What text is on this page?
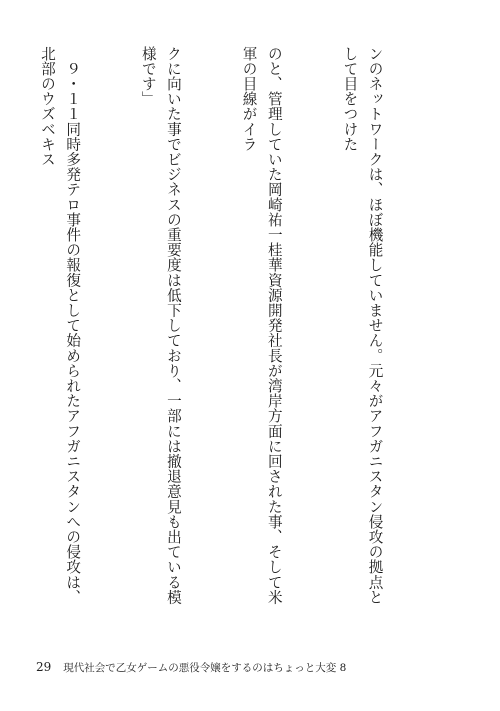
ンのネットワークは、ほぼ機能していません。元々がアフガニスタン侵攻の拠点として目をつけた

のと、管理していた岡崎祐一桂華資源開発社長が湾岸方面に回された事、そして米軍の目線がイラ

クに向いた事でビジネスの重要度は低下しており、一部には撤退意見も出ている模様です」

　９・１１同時多発テロ事件の報復として始められたアフガニスタンへの侵攻は、北部のウズベキス

29 現代社会で乙女ゲームの悪役令嬢をするのはちょっと大変 8
